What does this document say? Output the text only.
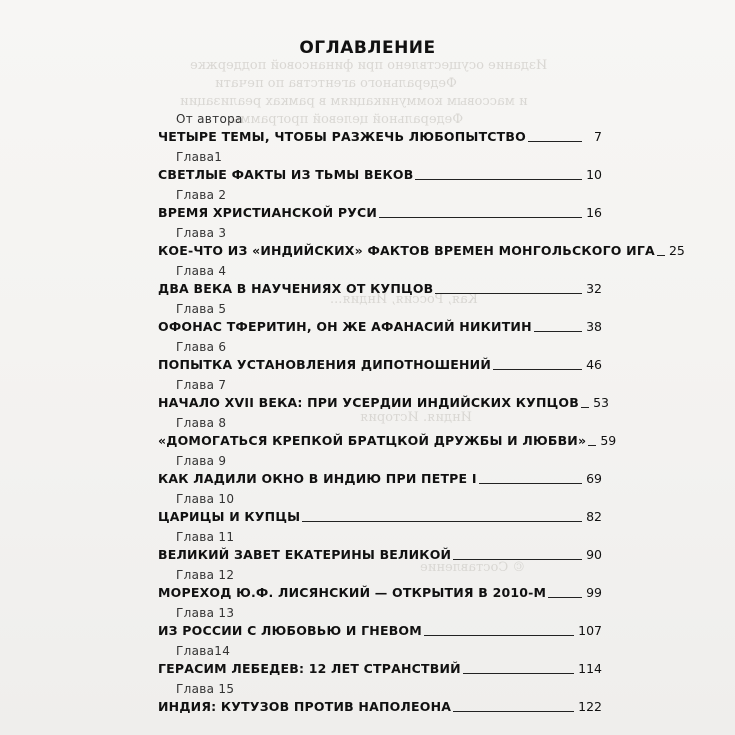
Издание осуществлено при финансовой поддержке
Федерального агентства по печати
и массовым коммуникациям в рамках реализации
Федеральной целевой программы
Кая, Россия, Индия...
Индия. История
© Составление
ОГЛАВЛЕНИЕ
От автора
ЧЕТЫРЕ ТЕМЫ, ЧТОБЫ РАЗЖЕЧЬ ЛЮБОПЫТСТВО	7
Глава1
СВЕТЛЫЕ ФАКТЫ ИЗ ТЬМЫ ВЕКОВ	10
Глава 2
ВРЕМЯ ХРИСТИАНСКОЙ РУСИ	16
Глава 3
КОЕ-ЧТО ИЗ «ИНДИЙСКИХ» ФАКТОВ ВРЕМЕН МОНГОЛЬСКОГО ИГА 25
Глава 4
ДВА ВЕКА В НАУЧЕНИЯХ ОТ КУПЦОВ	32
Глава 5
ОФОНАС ТФЕРИТИН, ОН ЖЕ АФАНАСИЙ НИКИТИН	38
Глава 6
ПОПЫТКА УСТАНОВЛЕНИЯ ДИПОТНОШЕНИЙ	46
Глава 7
НАЧАЛО XVII ВЕКА: ПРИ УСЕРДИИ ИНДИЙСКИХ КУПЦОВ 53
Глава 8
«ДОМОГАТЬСЯ КРЕПКОЙ БРАТЦКОЙ ДРУЖБЫ И ЛЮБВИ» 59
Глава 9
КАК ЛАДИЛИ ОКНО В ИНДИЮ ПРИ ПЕТРЕ I	69
Глава 10
ЦАРИЦЫ И КУПЦЫ	82
Глава 11
ВЕЛИКИЙ ЗАВЕТ ЕКАТЕРИНЫ ВЕЛИКОЙ	90
Глава 12
МОРЕХОД Ю.Ф. ЛИСЯНСКИЙ — ОТКРЫТИЯ В 2010-М	99
Глава 13
ИЗ РОССИИ С ЛЮБОВЬЮ И ГНЕВОМ	107
Глава14
ГЕРАСИМ ЛЕБЕДЕВ: 12 ЛЕТ СТРАНСТВИЙ	114
Глава 15
ИНДИЯ: КУТУЗОВ ПРОТИВ НАПОЛЕОНА	122
